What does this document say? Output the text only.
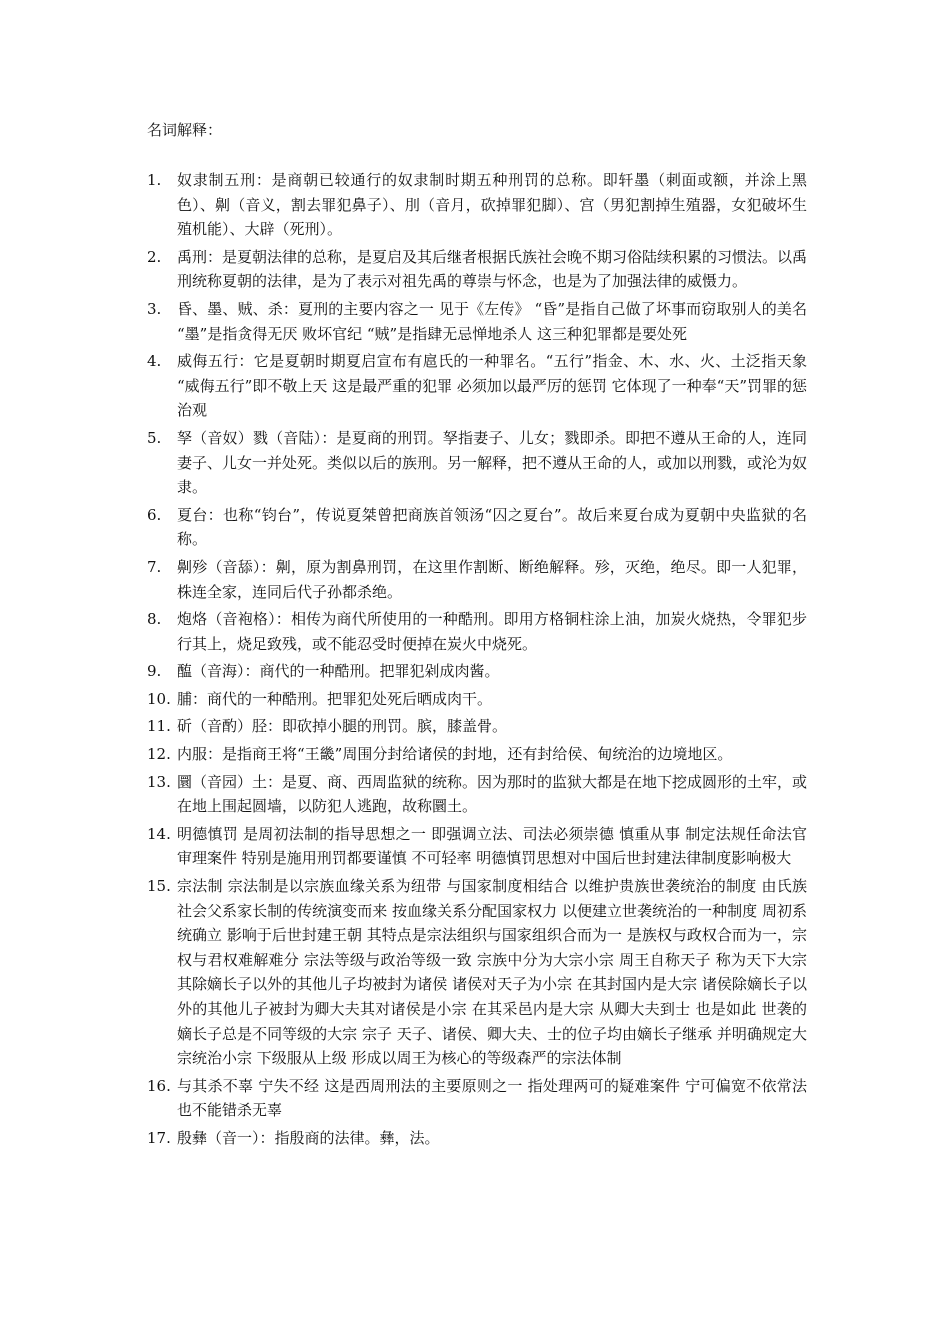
名词解释：

1.	奴隶制五刑：是商朝已较通行的奴隶制时期五种刑罚的总称。即轩墨（刺面或额，并涂上黑色）、劓（音义，割去罪犯鼻子）、刖（音月，砍掉罪犯脚）、宫（男犯割掉生殖器，女犯破坏生殖机能）、大辟（死刑）。
2.	禹刑：是夏朝法律的总称，是夏启及其后继者根据氏族社会晚不期习俗陆续积累的习惯法。以禹刑统称夏朝的法律，是为了表示对祖先禹的尊崇与怀念，也是为了加强法律的威慑力。
3.	昏、墨、贼、杀：夏刑的主要内容之一 见于《左传》 “昏”是指自己做了坏事而窃取别人的美名 “墨”是指贪得无厌 败坏官纪 “贼”是指肆无忌惮地杀人 这三种犯罪都是要处死
4.	威侮五行：它是夏朝时期夏启宣布有扈氏的一种罪名。“五行”指金、木、水、火、土泛指天象 “威侮五行”即不敬上天 这是最严重的犯罪 必须加以最严厉的惩罚 它体现了一种奉“天”罚罪的惩治观
5.	孥（音奴）戮（音陆）：是夏商的刑罚。孥指妻子、儿女；戮即杀。即把不遵从王命的人，连同妻子、儿女一并处死。类似以后的族刑。另一解释，把不遵从王命的人，或加以刑戮，或沦为奴隶。
6.	夏台：也称“钧台”，传说夏桀曾把商族首领汤“囚之夏台”。故后来夏台成为夏朝中央监狱的名称。
7.	劓殄（音舔）：劓，原为割鼻刑罚，在这里作割断、断绝解释。殄，灭绝，绝尽。即一人犯罪，株连全家，连同后代子孙都杀绝。
8.	炮烙（音袍格）：相传为商代所使用的一种酷刑。即用方格铜柱涂上油，加炭火烧热，令罪犯步行其上，烧足致残，或不能忍受时便掉在炭火中烧死。
9.	醢（音海）：商代的一种酷刑。把罪犯剁成肉酱。
10. 脯：商代的一种酷刑。把罪犯处死后晒成肉干。
11. 斫（音酌）胫：即砍掉小腿的刑罚。膑，膝盖骨。
12. 内服：是指商王将“王畿”周围分封给诸侯的封地，还有封给侯、甸统治的边境地区。
13. 圜（音园）土：是夏、商、西周监狱的统称。因为那时的监狱大都是在地下挖成圆形的土牢，或在地上围起圆墙，以防犯人逃跑，故称圜土。
14. 明德慎罚 是周初法制的指导思想之一 即强调立法、司法必须崇德 慎重从事 制定法规任命法官 审理案件 特别是施用刑罚都要谨慎 不可轻率 明德慎罚思想对中国后世封建法律制度影响极大
15. 宗法制 宗法制是以宗族血缘关系为纽带 与国家制度相结合 以维护贵族世袭统治的制度 由氏族社会父系家长制的传统演变而来 按血缘关系分配国家权力 以便建立世袭统治的一种制度 周初系统确立 影响于后世封建王朝 其特点是宗法组织与国家组织合而为一 是族权与政权合而为一，宗权与君权难解难分 宗法等级与政治等级一致 宗族中分为大宗小宗 周王自称天子 称为天下大宗 其除嫡长子以外的其他儿子均被封为诸侯 诸侯对天子为小宗 在其封国内是大宗 诸侯除嫡长子以外的其他儿子被封为卿大夫其对诸侯是小宗 在其采邑内是大宗 从卿大夫到士 也是如此 世袭的嫡长子总是不同等级的大宗 宗子 天子、诸侯、卿大夫、士的位子均由嫡长子继承 并明确规定大宗统治小宗 下级服从上级 形成以周王为核心的等级森严的宗法体制
16. 与其杀不辜 宁失不经 这是西周刑法的主要原则之一 指处理两可的疑难案件 宁可偏宽不依常法 也不能错杀无辜
17. 殷彝（音一）：指殷商的法律。彝，法。
